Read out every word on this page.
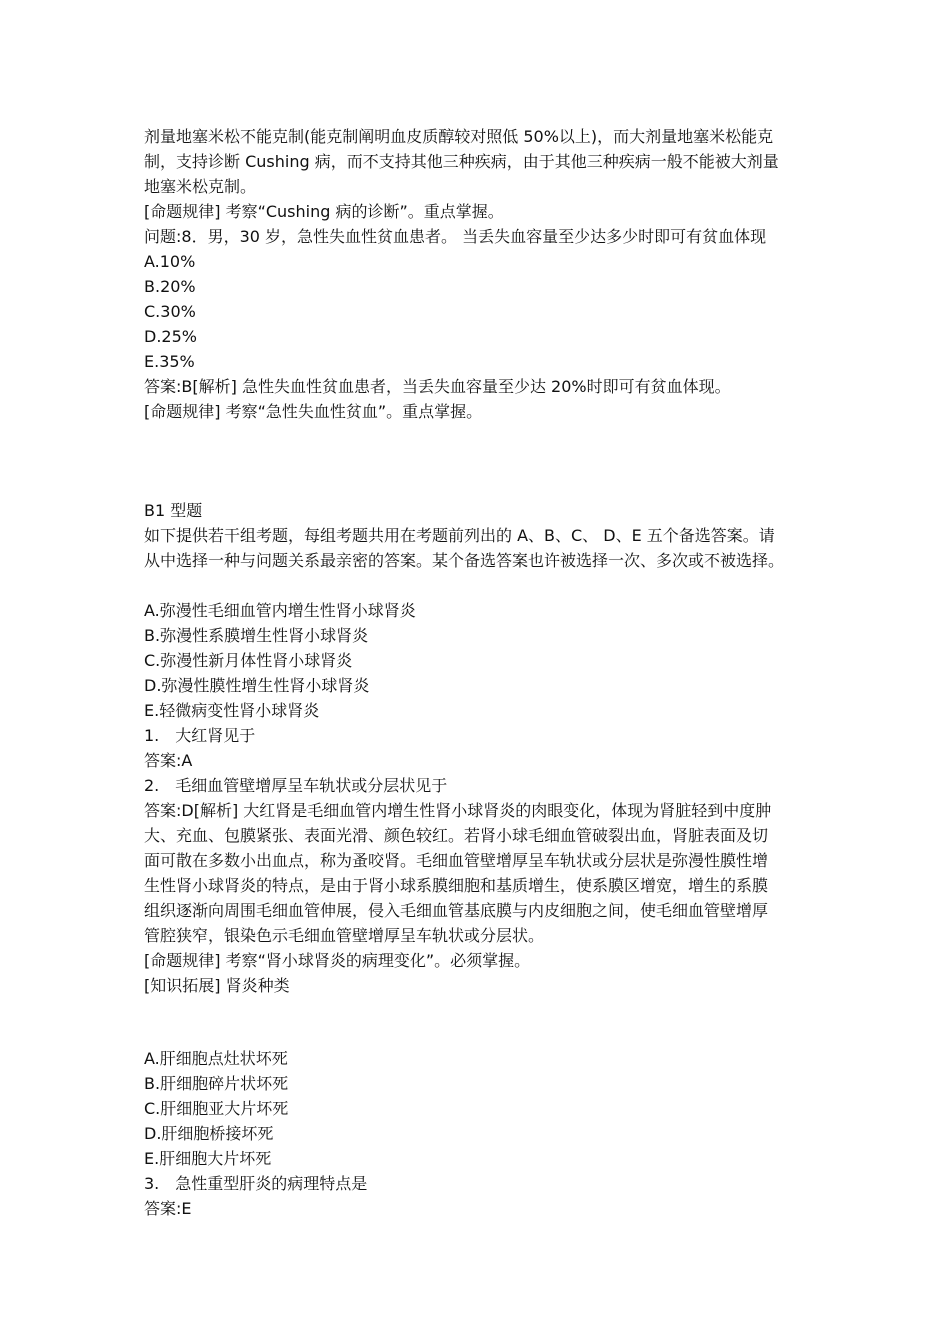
剂量地塞米松不能克制(能克制阐明血皮质醇较对照低 50%以上)，而大剂量地塞米松能克
制，支持诊断 Cushing 病，而不支持其他三种疾病，由于其他三种疾病一般不能被大剂量
地塞米松克制。
[命题规律] 考察“Cushing 病的诊断”。重点掌握。
问题:8．男，30 岁，急性失血性贫血患者。 当丢失血容量至少达多少时即可有贫血体现
A.10%
B.20%
C.30%
D.25%
E.35%
答案:B[解析] 急性失血性贫血患者，当丢失血容量至少达 20%时即可有贫血体现。
[命题规律] 考察“急性失血性贫血”。重点掌握。
B1 型题
如下提供若干组考题，每组考题共用在考题前列出的 A、B、C、 D、E 五个备选答案。请
从中选择一种与问题关系最亲密的答案。某个备选答案也许被选择一次、多次或不被选择。
A.弥漫性毛细血管内增生性肾小球肾炎
B.弥漫性系膜增生性肾小球肾炎
C.弥漫性新月体性肾小球肾炎
D.弥漫性膜性增生性肾小球肾炎
E.轻微病变性肾小球肾炎
1.　大红肾见于
答案:A
2.　毛细血管壁增厚呈车轨状或分层状见于
答案:D[解析] 大红肾是毛细血管内增生性肾小球肾炎的肉眼变化，体现为肾脏轻到中度肿
大、充血、包膜紧张、表面光滑、颜色较红。若肾小球毛细血管破裂出血，肾脏表面及切
面可散在多数小出血点，称为蚤咬肾。毛细血管壁增厚呈车轨状或分层状是弥漫性膜性增
生性肾小球肾炎的特点，是由于肾小球系膜细胞和基质增生，使系膜区增宽，增生的系膜
组织逐渐向周围毛细血管伸展，侵入毛细血管基底膜与内皮细胞之间，使毛细血管壁增厚
管腔狭窄，银染色示毛细血管壁增厚呈车轨状或分层状。
[命题规律] 考察“肾小球肾炎的病理变化”。必须掌握。
[知识拓展] 肾炎种类
A.肝细胞点灶状坏死
B.肝细胞碎片状坏死
C.肝细胞亚大片坏死
D.肝细胞桥接坏死
E.肝细胞大片坏死
3.　急性重型肝炎的病理特点是
答案:E
